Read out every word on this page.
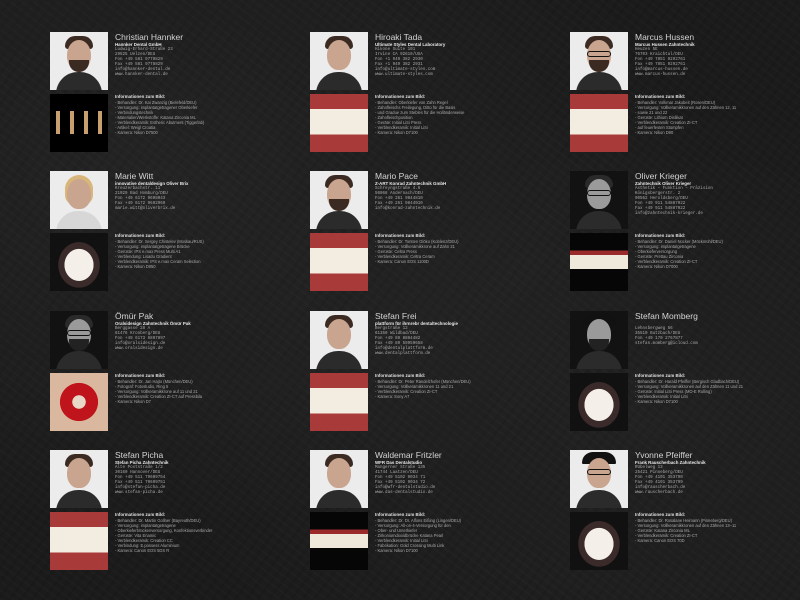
Christian Hannker
Hannker Dental GmbH
Ludwig-Erhard-Straße 23
29525 Uelzen/DEU
Fon +49 581 9778829
Fax +49 581 9778829
info@hannker-dental.de
www.hannker-dental.de
Informationen zum Bild:
- Behandler: Dr. Kai Zwanzig (Bielefeld/DEU)
- Versorgung: implantatgetragener Oberkiefer
- Verbindungstechnik
- Materialien/Werkstoffe: Katana Zirconia ML
- Verblendkeramik: Estheric Abutment (Tiggerlab)
- Artikel: Weigl Croatia
- Kamera: Nikon D7500
Hiroaki Tada
Ultimate Styles Dental Laboratory
Hikone Suite 101
Irvine CA 92618/USA
Fon +1 949 382 2930
Fax +1 949 382 2931
info@ultimate-styles.com
www.ultimate-styles.com
Informationen zum Bild:
- Behandler: Oberkiefer von Zahn Regel
- Zahnfleischs Freilegung, Ditto für die Basis
- und Gradue zum Stebles für die Holländerweise
- Zahnfleischposition
- Geräte: Initial LiSi Press
- Verblendkeramik: Initial LiSi
- Kamera: Nikon D7100
Marcus Hussen
Marcus Hussen Zahntechnik
Heuzen 5E
76703 Kraichtal/DEU
Fon +49 7851 9292761
Fax +49 7851 9292761
info@marcus-hussen.de
www.marcus-hussen.de
Informationen zum Bild:
- Behandler: Volkmar Jakobeit (Rosen/DEU)
- Versorgung: Vollkeramikkronen auf den Zähnen 12, 11
- sowie 21 und 22
- Gerüste: Lithium Disilikat
- Verblendkeramik: Creation ZI-CT
- auf feuerfesten Stümpfen
- Kamera: Nikon D90
Marie Witt
innovative dentaldesign Oliver Brix
Kreuzerbachstr. 11
21029 Bad Homburg/DEU
Fon +49 6172 9698043
Fax +49 6172 9692969
marie.witt@oliverbrix.de
Informationen zum Bild:
- Behandler: Dr. Sergey Chistelev (Moskau/RUS)
- Versorgung: implantatgetragene Brücke
- Gerüste: IPS e.max Press Multi A1
- Verblendung: Lisadu Gradient
- Verblendkeramik: IPS e.max Ceram Selection
- Kamera: Nikon D850
Mario Pace
Z-ART Konrad Zahntechnik GmbH
Schreyngstraße 4.6
56068 Andernach/DEU
Fon +49 261 9844810
Fax +49 261 9844910
info@konrad-zahntechnik.de
Informationen zum Bild:
- Behandler: Dr. Torsten Glöko (Koblenz/DEU)
- Versorgung: Vollkeramikkrone auf Zahn 21
- Gerüste: Celtra Press
- Verblendkeramik: Celtra Ceram
- Kamera: Canon EOS 1100D
Oliver Krieger
Zahntechnik Oliver Krieger
Ästhetik – Funktion – Präzision
Königsbergerstr. 2
90562 Heroldsberg/DEU
Fon +49 911 54887022
Fax +49 911 54887022
info@zahntechnik-krieger.de
Informationen zum Bild:
- Behandler: Dr. Daniel Nocker (Möckmühl/DEU)
- Versorgung: implantatgetragene
- Oberkieferversorgung
- Gerüste: Prettau Zirconia
- Verblendkeramik: Creation ZI-CT
- Kamera: Nikon D7000
Ömür Pak
Oralsidesign Zahntechnik Ömür Pak
Berggasse 28 A
61476 Kronberg/DEU
Fon +49 6173 6897897
info@oralsidesign.de
www.oralsidesign.de
Informationen zum Bild:
- Behandler: Dr. Jan Hajto (München/DEU)
- Fotograf: Fotostudio, Ring 5
- Versorgung: Vollkeramikkrone auf 11 und 21
- Verblendkeramik: Creation ZI-CT auf Pressbila
- Kamera: Nikon D7
Stefan Frei
plattform für ihrnrebr dentaltechnologie
Bergstraße 12
61350 Wildbad/DEU
Fon +49 89 8884482
Fax +49 89 59959658
info@dentalplattform.de
www.dentalplattform.de
Informationen zum Bild:
- Behandler: Dr. Peter Randelzhofer (München/DEU)
- Versorgung: Vollkeramikkronen 11 und 21
- Verblendkeramik: Creation ZI-CT
- Kamera: Sony A7
Stefan Momberg
Lehnsbergweg 56
35510 Butzbach/DEU
Fon +49 170 2767877
stefan.momberg@icloud.com
Informationen zum Bild:
- Behandler: Dr. Harald Pfeiffer (Bergisch Gladbach/DEU)
- Versorgung: Vollkeramikkronen auf den Zähnen 11 und 21
- Gerüste: Initial LiSi Press (MO-E Rolling)
- Verblendkeramik: Initial LiSi
- Kamera: Nikon D7100
Stefan Picha
Stefan Picha Zahntechnik
Alte Poststraße 1/2
30160 Hannover/DEU
Fon +49 511 79609754
Fax +49 511 79609751
info@stefan-picha.de
www.stefan-picha.de
Informationen zum Bild:
- Behandler: Dr. Martin Gollner (Bayreuth/DEU)
- Versorgung: implantatgetragene
- Oberkieferbrückenversorgung, Konfektionsverbinder
- Gerüste: Vita Enamic
- Verblendkeramik: Creation CC
- Verbindung: E.possess Aluminium
- Kamera: Canon EOS 5DS R
Waldemar Fritzler
WFR Das Dentalstudio
Mangerner Straße 135
41744 Laatzen/DEU
Fon +49 5102 9034 71
Fax +49 5102 9034 72
info@wfr-dentalstudio.de
www.das-dentalstudio.de
Informationen zum Bild:
- Behandler: Dr. Dr. Alfons Eißing (Lingen/DEU)
- Versorgung: All-on-4-Versorgung für den
- Ober- und Unterkiefer
- Zirkoniumdioxidbrücke Katana Pearl
- Verblendkeramik: Initial LiSi
- Fabrikation: Gold Crossing Multi Link
- Kamera: Nikon D7100
Yvonne Pfeiffer
Frank Rauscherbach Zahntechnik
Rübelweg 13
25421 Pinneberg/DEU
Fon +49 4101 353790
Fax +49 4101 353799
info@rauscherbach.de
www.rauscherbach.de
Informationen zum Bild:
- Behandler: Dr. Rosalane Heimann (Pinneberg/DEU)
- Versorgung: Vollkeramikkronen auf den Zähnen 13–11
- Gerüste: Katana Zirconia ML
- Verblendkeramik: Creation ZI-CT
- Kamera: Canon EOS 70D
